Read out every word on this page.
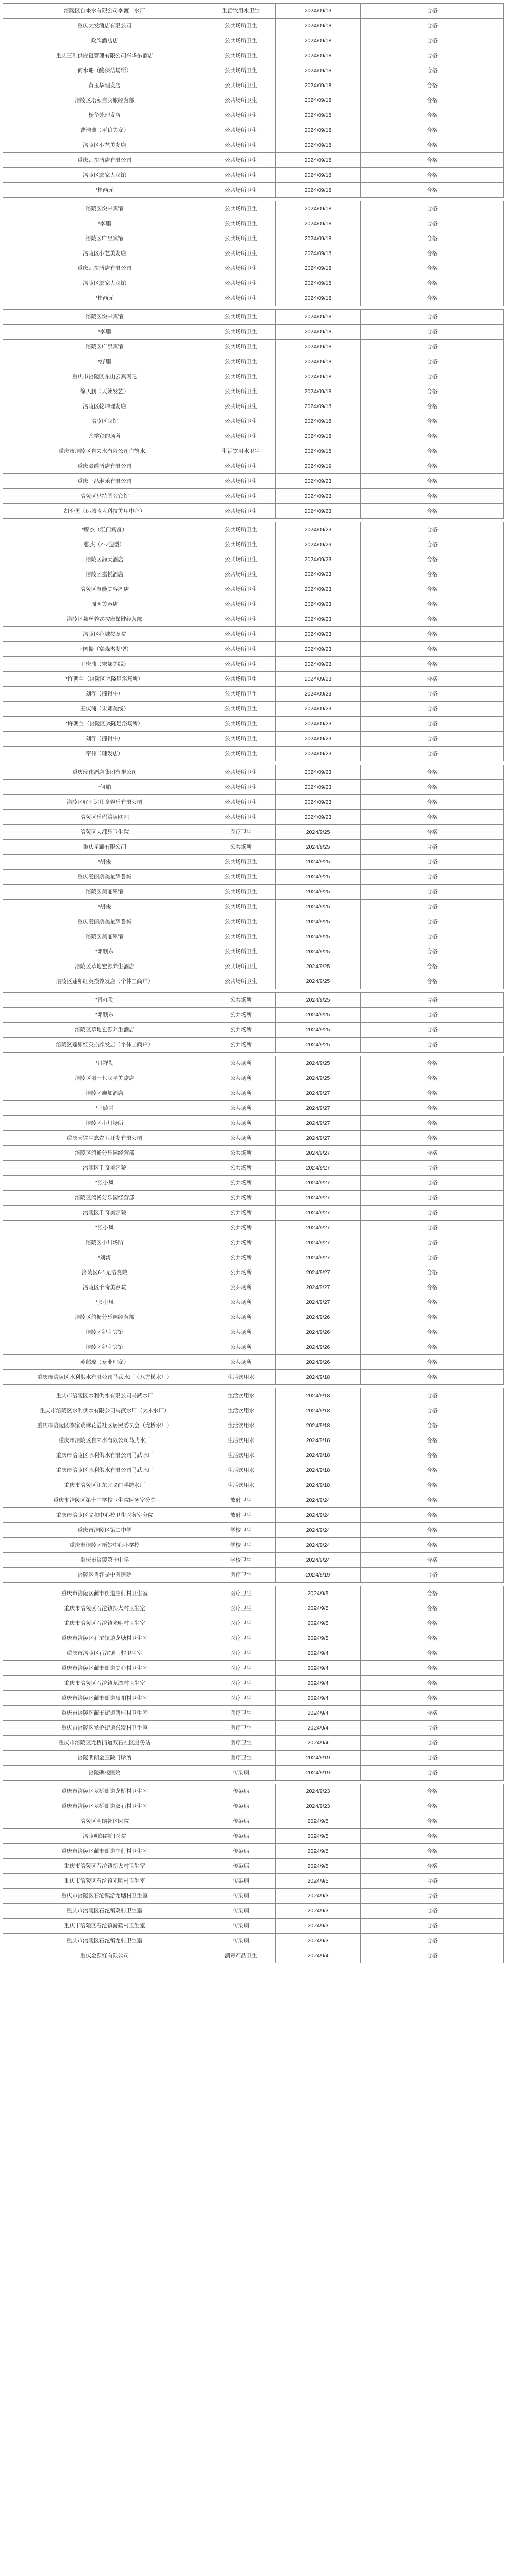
涪陵区自来水有限公司李渡二水厂	生活饮用水卫生	2024/09/13	合格
重庆大发酒店有限公司	公共场所卫生	2024/09/18	合格
政欣酒店店	公共场所卫生	2024/09/18	合格
重庆三洪供应链管理有限公司兴华东酒店	公共场所卫生	2024/09/18	合格
何水珊（酸保洁场所）	公共场所卫生	2024/09/18	合格
黄玉华理发店	公共场所卫生	2024/09/18	合格
涪陵区塔颐自宾旅经营部	公共场所卫生	2024/09/18	合格
杨华芳理发店	公共场所卫生	2024/09/18	合格
曹浩璧（平价美发）	公共场所卫生	2024/09/18	合格
涪陵区小艺美发店	公共场所卫生	2024/09/18	合格
重庆瓦提酒店有限公司	公共场所卫生	2024/09/18	合格
涪陵区旅家人宾馆	公共场所卫生	2024/09/18	合格
*桂西元	公共场所卫生	2024/09/18	合格
涪陵区悦来宾馆	公共场所卫生	2024/09/18	合格
*李鹏	公共场所卫生	2024/09/18	合格
涪陵区广泉宾馆	公共场所卫生	2024/09/18	合格
涪陵区小艺美发店	公共场所卫生	2024/09/18	合格
重庆瓦提酒店有限公司	公共场所卫生	2024/09/18	合格
涪陵区旅家人宾馆	公共场所卫生	2024/09/18	合格
*桂西元	公共场所卫生	2024/09/18	合格
涪陵区悦来宾馆	公共场所卫生	2024/09/18	合格
*李鹏	公共场所卫生	2024/09/18	合格
涪陵区广泉宾馆	公共场所卫生	2024/09/18	合格
*舒鹏	公共场所卫生	2024/09/18	合格
重庆市涪陵区东山云宾网吧	公共场所卫生	2024/09/18	合格
徐天鹏（天籁发艺）	公共场所卫生	2024/09/18	合格
涪陵区乾坤理发店	公共场所卫生	2024/09/18	合格
涪陵区宾馆	公共场所卫生	2024/09/18	合格
余学宾的场所	公共场所卫生	2024/09/18	合格
重庆市涪陵区自来水有限公司白鹤水厂	生活饮用水卫生	2024/09/18	合格
重庆豪爵酒店有限公司	公共场所卫生	2024/09/19	合格
重庆三品琳乐有限公司	公共场所卫生	2024/09/23	合格
涪陵区思特圆旁宾馆	公共场所卫生	2024/09/23	合格
胡仑勇（运城吟人科技美甲中心）	公共场所卫生	2024/09/23	合格
*廖杰（汇门宾馆）	公共场所卫生	2024/09/23	合格
张杰（Z-Z造型）	公共场所卫生	2024/09/23	合格
涪陵区海天酒店	公共场所卫生	2024/09/23	合格
涪陵区嘉悦酒店	公共场所卫生	2024/09/23	合格
涪陵区慧能美容酒店	公共场所卫生	2024/09/23	合格
周园美容店	公共场所卫生	2024/09/23	合格
涪陵区慕丝养式按摩保健经营部	公共场所卫生	2024/09/23	合格
涪陵区心城按摩院	公共场所卫生	2024/09/23	合格
王国振（富森杰发型）	公共场所卫生	2024/09/23	合格
王庆浦（宋娜美线）	公共场所卫生	2024/09/23	合格
*许朝兰（涪陵区兴隆足浴场所）	公共场所卫生	2024/09/23	合格
刘浮（撞得牛）	公共场所卫生	2024/09/23	合格
王庆浦（宋娜美线）	公共场所卫生	2024/09/23	合格
*许朝兰（涪陵区兴隆足浴场所）	公共场所卫生	2024/09/23	合格
刘浮（撞得牛）	公共场所卫生	2024/09/23	合格
奉伟（理发店）	公共场所卫生	2024/09/23	合格
重庆瑞伟酒店集团有限公司	公共场所卫生	2024/09/23	合格
*何鹏	公共场所卫生	2024/09/23	合格
涪陵区好旺达儿童娱乐有限公司	公共场所卫生	2024/09/23	合格
涪陵区乐玛涪陵网吧	公共场所卫生	2024/09/23	合格
涪陵区大都乐卫生院	医疗卫生	2024/9/25	合格
重庆星耀有限公司	公共场所	2024/9/25	合格
*胡俊	公共场所卫生	2024/9/25	合格
重庆爱丽斯美量辉誉城	公共场所卫生	2024/9/25	合格
涪陵区美丽翠馆	公共场所卫生	2024/9/25	合格
*胡俊	公共场所卫生	2024/9/25	合格
重庆爱丽斯美量辉誉城	公共场所卫生	2024/9/25	合格
涪陵区美丽翠馆	公共场所卫生	2024/9/25	合格
*邓鹏东	公共场所卫生	2024/9/25	合格
涪陵区草地宏源养生酒店	公共场所卫生	2024/9/25	合格
涪陵区蓬卯红英损养发店（个体工商户）	公共场所卫生	2024/9/25	合格
*吕祥勤	公共场所	2024/9/25	合格
*邓鹏东	公共场所	2024/9/25	合格
涪陵区草地宏源养生酒店	公共场所	2024/9/25	合格
涪陵区蓬卯红英损养发店（个体工商户）	公共场所	2024/9/25	合格
*吕祥勤	公共场所	2024/9/25	合格
涪陵区丽十七宾平美瞻店	公共场所	2024/9/25	合格
涪陵区鑫加酒店	公共场所	2024/9/27	合格
*王德青	公共场所	2024/9/27	合格
涪陵区小川场所	公共场所	2024/9/27	合格
重庆天铢生态农业开发有限公司	公共场所	2024/9/27	合格
涪陵区鸽畅分乐园经营部	公共场所	2024/9/27	合格
涪陵区千奇美容院	公共场所	2024/9/27	合格
*张小凤	公共场所	2024/9/27	合格
涪陵区鸽畅分乐园经营部	公共场所	2024/9/27	合格
涪陵区千奇美容院	公共场所	2024/9/27	合格
*张小凤	公共场所	2024/9/27	合格
涪陵区小川场所	公共场所	2024/9/27	合格
*刘涛	公共场所	2024/9/27	合格
涪陵区6-1足浴院院	公共场所	2024/9/27	合格
涪陵区千奇美容院	公共场所	2024/9/27	合格
*张小凤	公共场所	2024/9/27	合格
涪陵区鸽畅分乐园经营部	公共场所	2024/9/26	合格
涪陵区犯乱宾馆	公共场所	2024/9/26	合格
涪陵区犯乱宾馆	公共场所	2024/9/26	合格
英麒琼（专业理发）	公共场所	2024/9/26	合格
重庆市涪陵区水利供水有限公司马武水厂（八方梯水厂）	生活饮用水	2024/9/18	合格
重庆市涪陵区水利供水有限公司马武水厂	生活饮用水	2024/9/18	合格
重庆市涪陵区水利供水有限公司马武水厂（大木水厂）	生活饮用水	2024/9/18	合格
重庆市涪陵区李家荒淋花溢社区居民委员会（龙桥水厂）	生活饮用水	2024/9/18	合格
重庆市涪陵区自来水有限公司马武水厂	生活饮用水	2024/9/18	合格
重庆市涪陵区水利供水有限公司马武水厂	生活饮用水	2024/9/18	合格
重庆市涪陵区水利供水有限公司马武水厂	生活饮用水	2024/9/18	合格
重庆市涪陵区江东冗义曲半跨水厂	生活饮用水	2024/9/18	合格
重庆市涪陵区第十中学校卫生院医务室分院	放射卫生	2024/9/24	合格
重庆市涪陵区义和中心校卫生医务室分院	放射卫生	2024/9/24	合格
重庆市涪陵区第二中学	学校卫生	2024/9/24	合格
重庆市涪陵区新妙中心小学校	学校卫生	2024/9/24	合格
重庆市涪陵第十中学	学校卫生	2024/9/24	合格
涪陵区肖容是中医医院	医疗卫生	2024/9/19	合格
重庆市涪陵区蔺市街道庄行村卫生室	医疗卫生	2024/9/5	合格
重庆市涪陵区石沱镇拐火村卫生室	医疗卫生	2024/9/5	合格
重庆市涪陵区石沱镇光明村卫生室	医疗卫生	2024/9/5	合格
重庆市涪陵区石沱镇游龙塘村卫生室	医疗卫生	2024/9/5	合格
重庆市涪陵区石沱镇三村卫生室	医疗卫生	2024/9/4	合格
重庆市涪陵区蔺市街道美心村卫生室	医疗卫生	2024/9/4	合格
重庆市涪陵区石沱镇龙潭村卫生室	医疗卫生	2024/9/4	合格
重庆市涪陵区蔺市街道凤阳村卫生室	医疗卫生	2024/9/4	合格
重庆市涪陵区蔺市街道两座村卫生室	医疗卫生	2024/9/4	合格
重庆市涪陵区龙桥街道兴发村卫生室	医疗卫生	2024/9/4	合格
重庆市涪陵区龙桥街道双石社区服务站	医疗卫生	2024/9/4	合格
涪陵明朗金三院门诊所	医疗卫生	2024/9/19	合格
涪陵礁棱医院	传染病	2024/9/19	合格
重庆市涪陵区龙桥街道龙桥村卫生室	传染病	2024/9/23	合格
重庆市涪陵区龙桥街道双石村卫生室	传染病	2024/9/23	合格
涪陵区明朗社区医院	传染病	2024/9/5	合格
涪陵明朗纯门医院	传染病	2024/9/5	合格
重庆市涪陵区蔺市街道庄行村卫生室	传染病	2024/9/5	合格
重庆市涪陵区石沱镇拐火村卫生室	传染病	2024/9/5	合格
重庆市涪陵区石沱镇光明村卫生室	传染病	2024/9/5	合格
重庆市涪陵区石沱镇游龙塘村卫生室	传染病	2024/9/3	合格
重庆市涪陵区石沱镇双村卫生室	传染病	2024/9/3	合格
重庆市涪陵区石沱镇游鹤村卫生室	传染病	2024/9/3	合格
重庆市涪陵区石沱镇龙村卫生室	传染病	2024/9/3	合格
重庆金源红有限公司	消毒产品卫生	2024/9/4	合格
